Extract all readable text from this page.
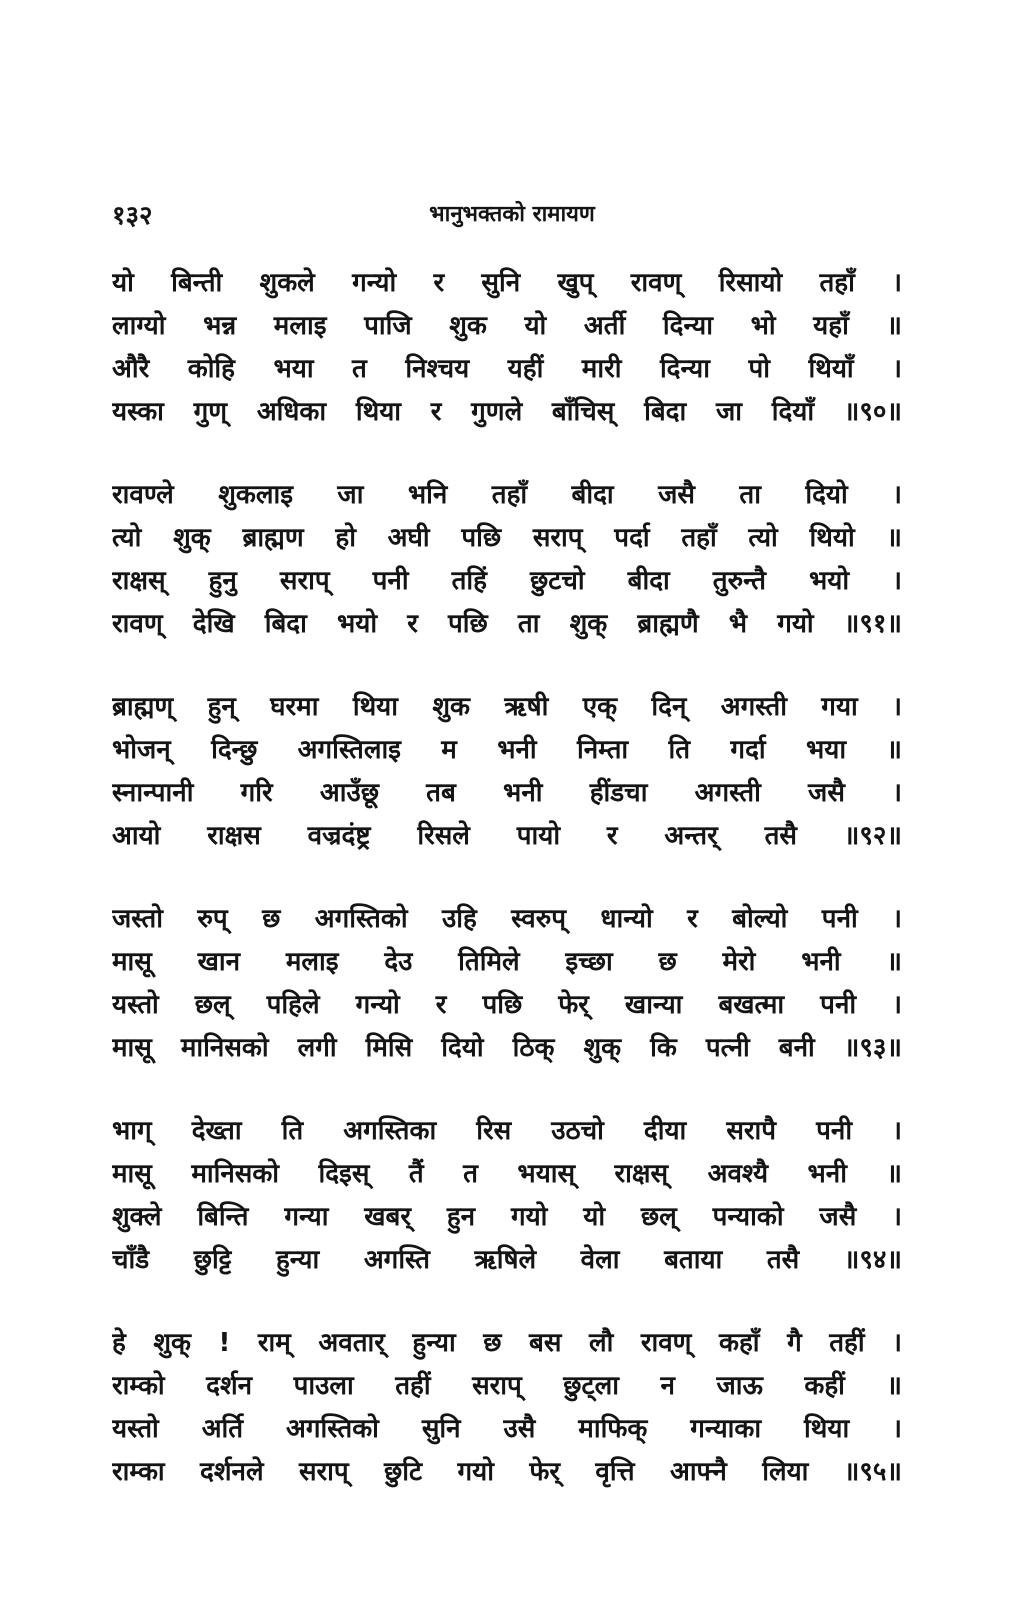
१३२	भानुभक्तको रामायण
यो बिन्ती शुकले गन्यो र सुनि खुप् रावण् रिसायो तहाँ ।
लाग्यो भन्न मलाइ पाजि शुक यो अर्ती दिन्या भो यहाँ ॥
औरै कोहि भया त निश्चय यहीं मारी दिन्या पो थियाँ ।
यस्का गुण् अधिका थिया र गुणले बाँचिस् बिदा जा दियाँ ॥९०॥
रावण्ले शुकलाइ जा भनि तहाँ बीदा जसै ता दियो ।
त्यो शुक् ब्राह्मण हो अघी पछि सराप् पर्दा तहाँ त्यो थियो ॥
राक्षस् हुनु सराप् पनी तहिं छुटचो बीदा तुरुन्तै भयो ।
रावण् देखि बिदा भयो र पछि ता शुक् ब्राह्मणै भै गयो ॥९१॥
ब्राह्मण् हुन् घरमा थिया शुक ऋषी एक् दिन् अगस्ती गया ।
भोजन् दिन्छु अगस्तिलाइ म भनी निम्ता ति गर्दा भया ॥
स्नान्पानी गरि आउँछू तब भनी हींडचा अगस्ती जसै ।
आयो राक्षस वज्रदंष्ट्र रिसले पायो र अन्तर् तसै ॥९२॥
जस्तो रुप् छ अगस्तिको उहि स्वरुप् धान्यो र बोल्यो पनी ।
मासू खान मलाइ देउ तिमिले इच्छा छ मेरो भनी ॥
यस्तो छल् पहिले गन्यो र पछि फेर् खान्या बखत्मा पनी ।
मासू मानिसको लगी मिसि दियो ठिक् शुक् कि पत्नी बनी ॥९३॥
भाग् देख्ता ति अगस्तिका रिस उठचो दीया सरापै पनी ।
मासू मानिसको दिइस् तैं त भयास् राक्षस् अवश्यै भनी ॥
शुक्ले बिन्ति गन्या खबर् हुन गयो यो छल् पन्याको जसै ।
चाँडै छुट्टि हुन्या अगस्ति ऋषिले वेला बताया तसै ॥९४॥
हे शुक् ! राम् अवतार् हुन्या छ बस लौ रावण् कहाँ गै तहीं ।
राम्को दर्शन पाउला तहीं सराप् छुट्ला न जाऊ कहीं ॥
यस्तो अर्ति अगस्तिको सुनि उसै माफिक् गन्याका थिया ।
राम्का दर्शनले सराप् छुटि गयो फेर् वृत्ति आफ्नै लिया ॥९५॥
